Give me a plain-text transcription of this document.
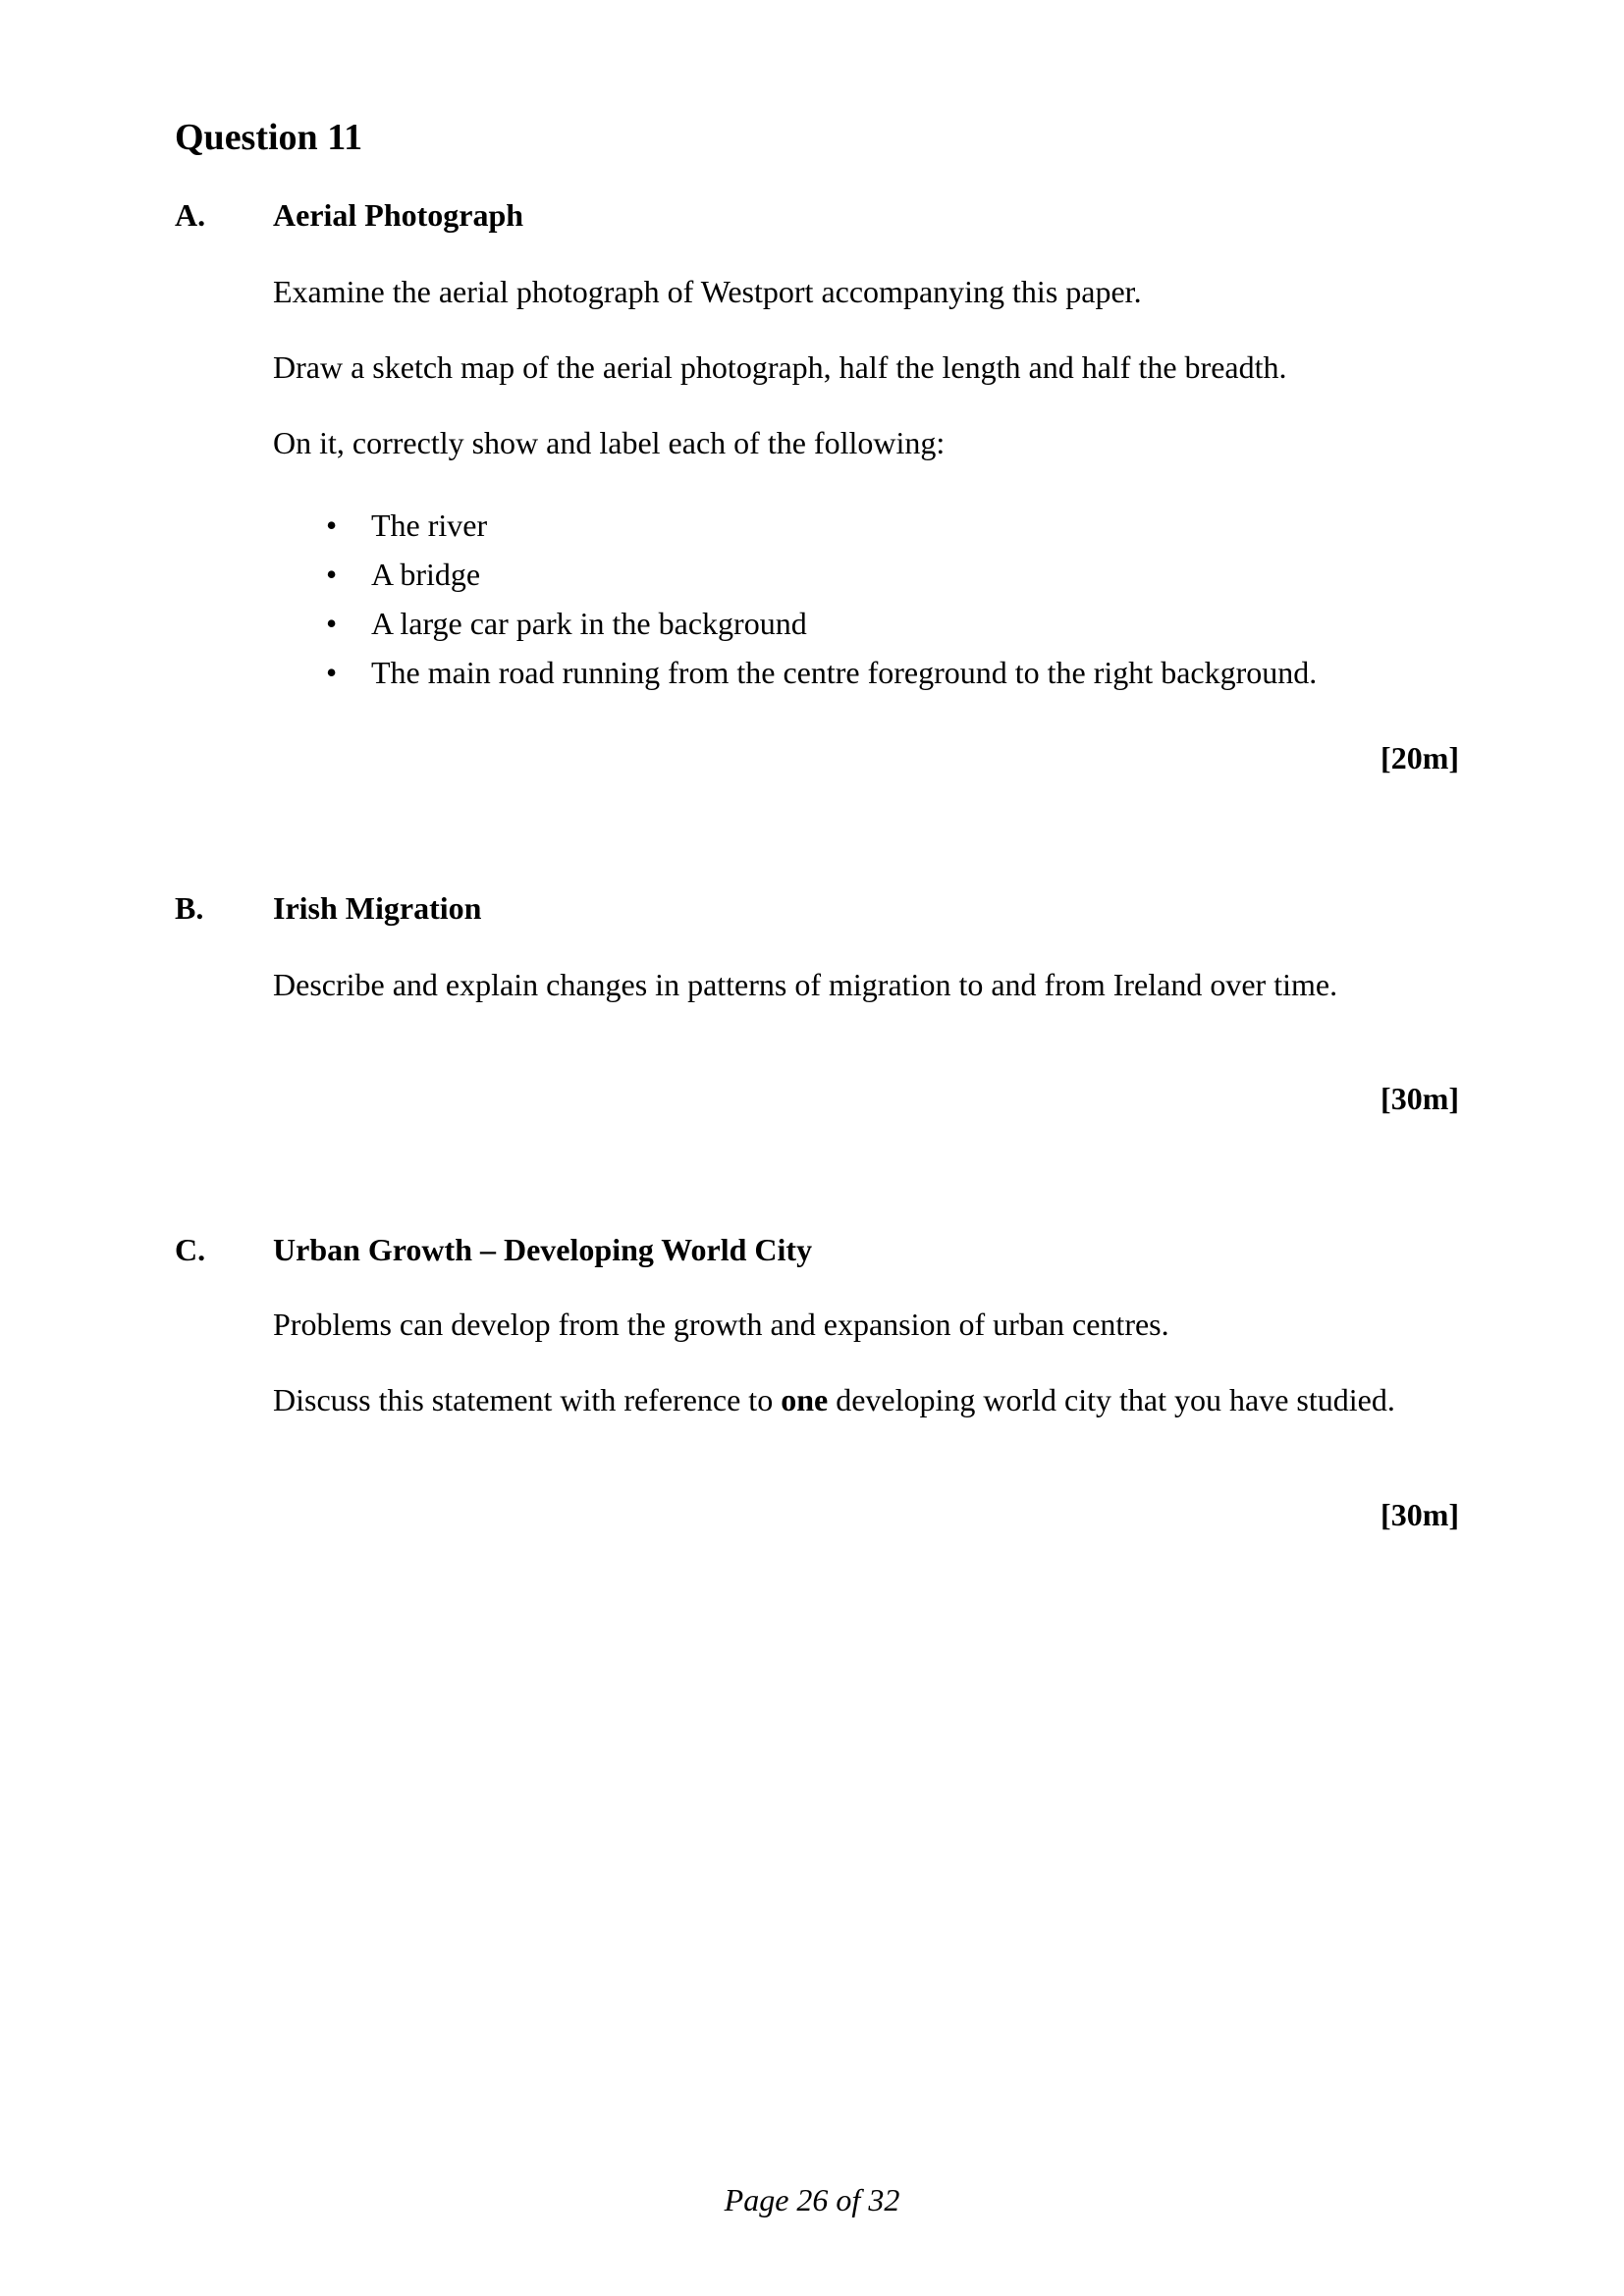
Question 11
A. Aerial Photograph

Examine the aerial photograph of Westport accompanying this paper.

Draw a sketch map of the aerial photograph, half the length and half the breadth.

On it, correctly show and label each of the following:

• The river
• A bridge
• A large car park in the background
• The main road running from the centre foreground to the right background.
[20m]
B. Irish Migration

Describe and explain changes in patterns of migration to and from Ireland over time.

[30m]
C. Urban Growth – Developing World City

Problems can develop from the growth and expansion of urban centres.

Discuss this statement with reference to one developing world city that you have studied.

[30m]
Page 26 of 32
